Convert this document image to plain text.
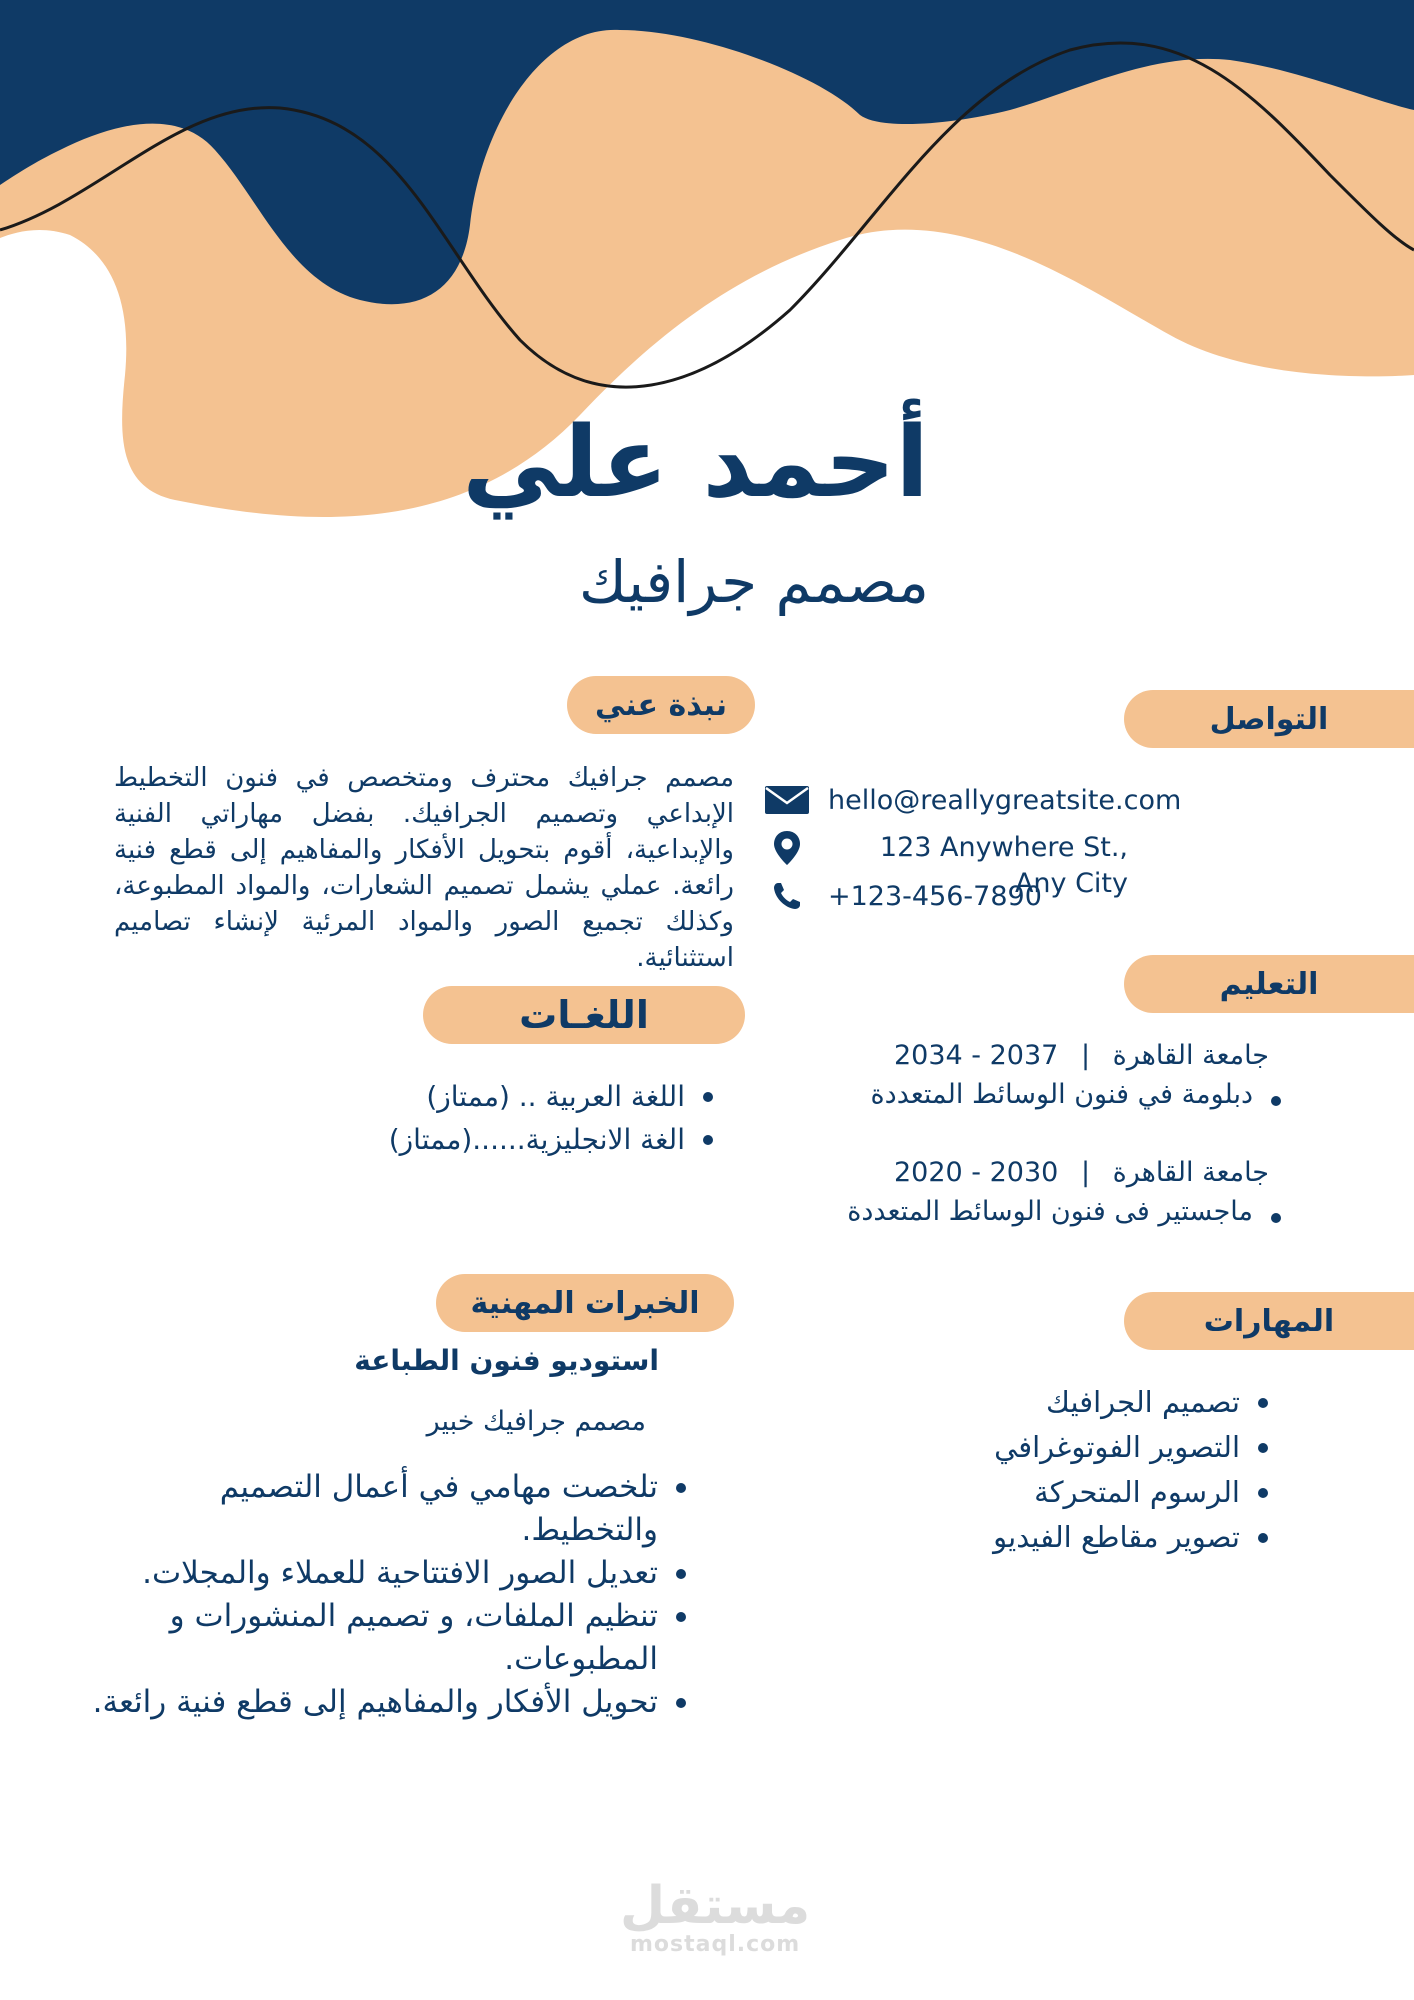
أحمد علي
مصمم جرافيك
التواصل
hello@reallygreatsite.com
123 Anywhere St., Any City
+123-456-7890
التعليم
جامعة القاهرة | 2034 - 2037
دبلومة في فنون الوسائط المتعددة
جامعة القاهرة | 2020 - 2030
ماجستير فى فنون الوسائط المتعددة
المهارات
تصميم الجرافيك
التصوير الفوتوغرافي
الرسوم المتحركة
تصوير مقاطع الفيديو
نبذة عني
مصمم جرافيك محترف ومتخصص في فنون التخطيط الإبداعي وتصميم الجرافيك. بفضل مهاراتي الفنية والإبداعية، أقوم بتحويل الأفكار والمفاهيم إلى قطع فنية رائعة. عملي يشمل تصميم الشعارات، والمواد المطبوعة، وكذلك تجميع الصور والمواد المرئية لإنشاء تصاميم استثنائية.
اللغـات
اللغة العربية .. (ممتاز)
الغة الانجليزية......(ممتاز)
الخبرات المهنية
استوديو فنون الطباعة
مصمم جرافيك خبير
تلخصت مهامي في أعمال التصميم والتخطيط.
تعديل الصور الافتتاحية للعملاء والمجلات.
تنظيم الملفات، و تصميم المنشورات و المطبوعات.
تحويل الأفكار والمفاهيم إلى قطع فنية رائعة.
مستقل
mostaql.com
